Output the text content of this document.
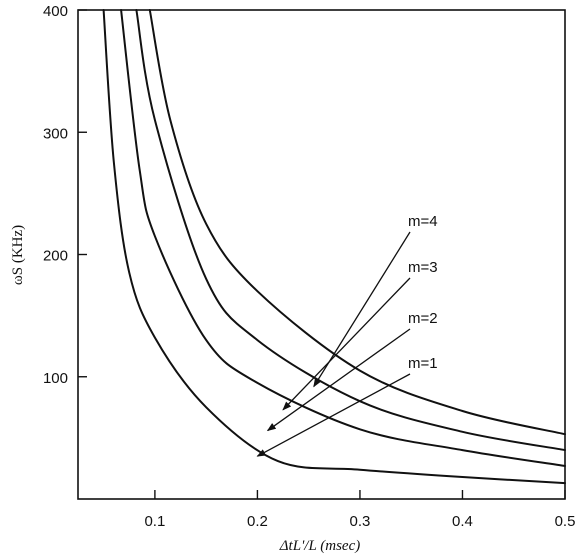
100
200
300
400
0.1	0.2	0.3	0.4	0.5
m=4
m=3
m=2
m=1
ΔtL'/L (msec)
ωS (KHz)
